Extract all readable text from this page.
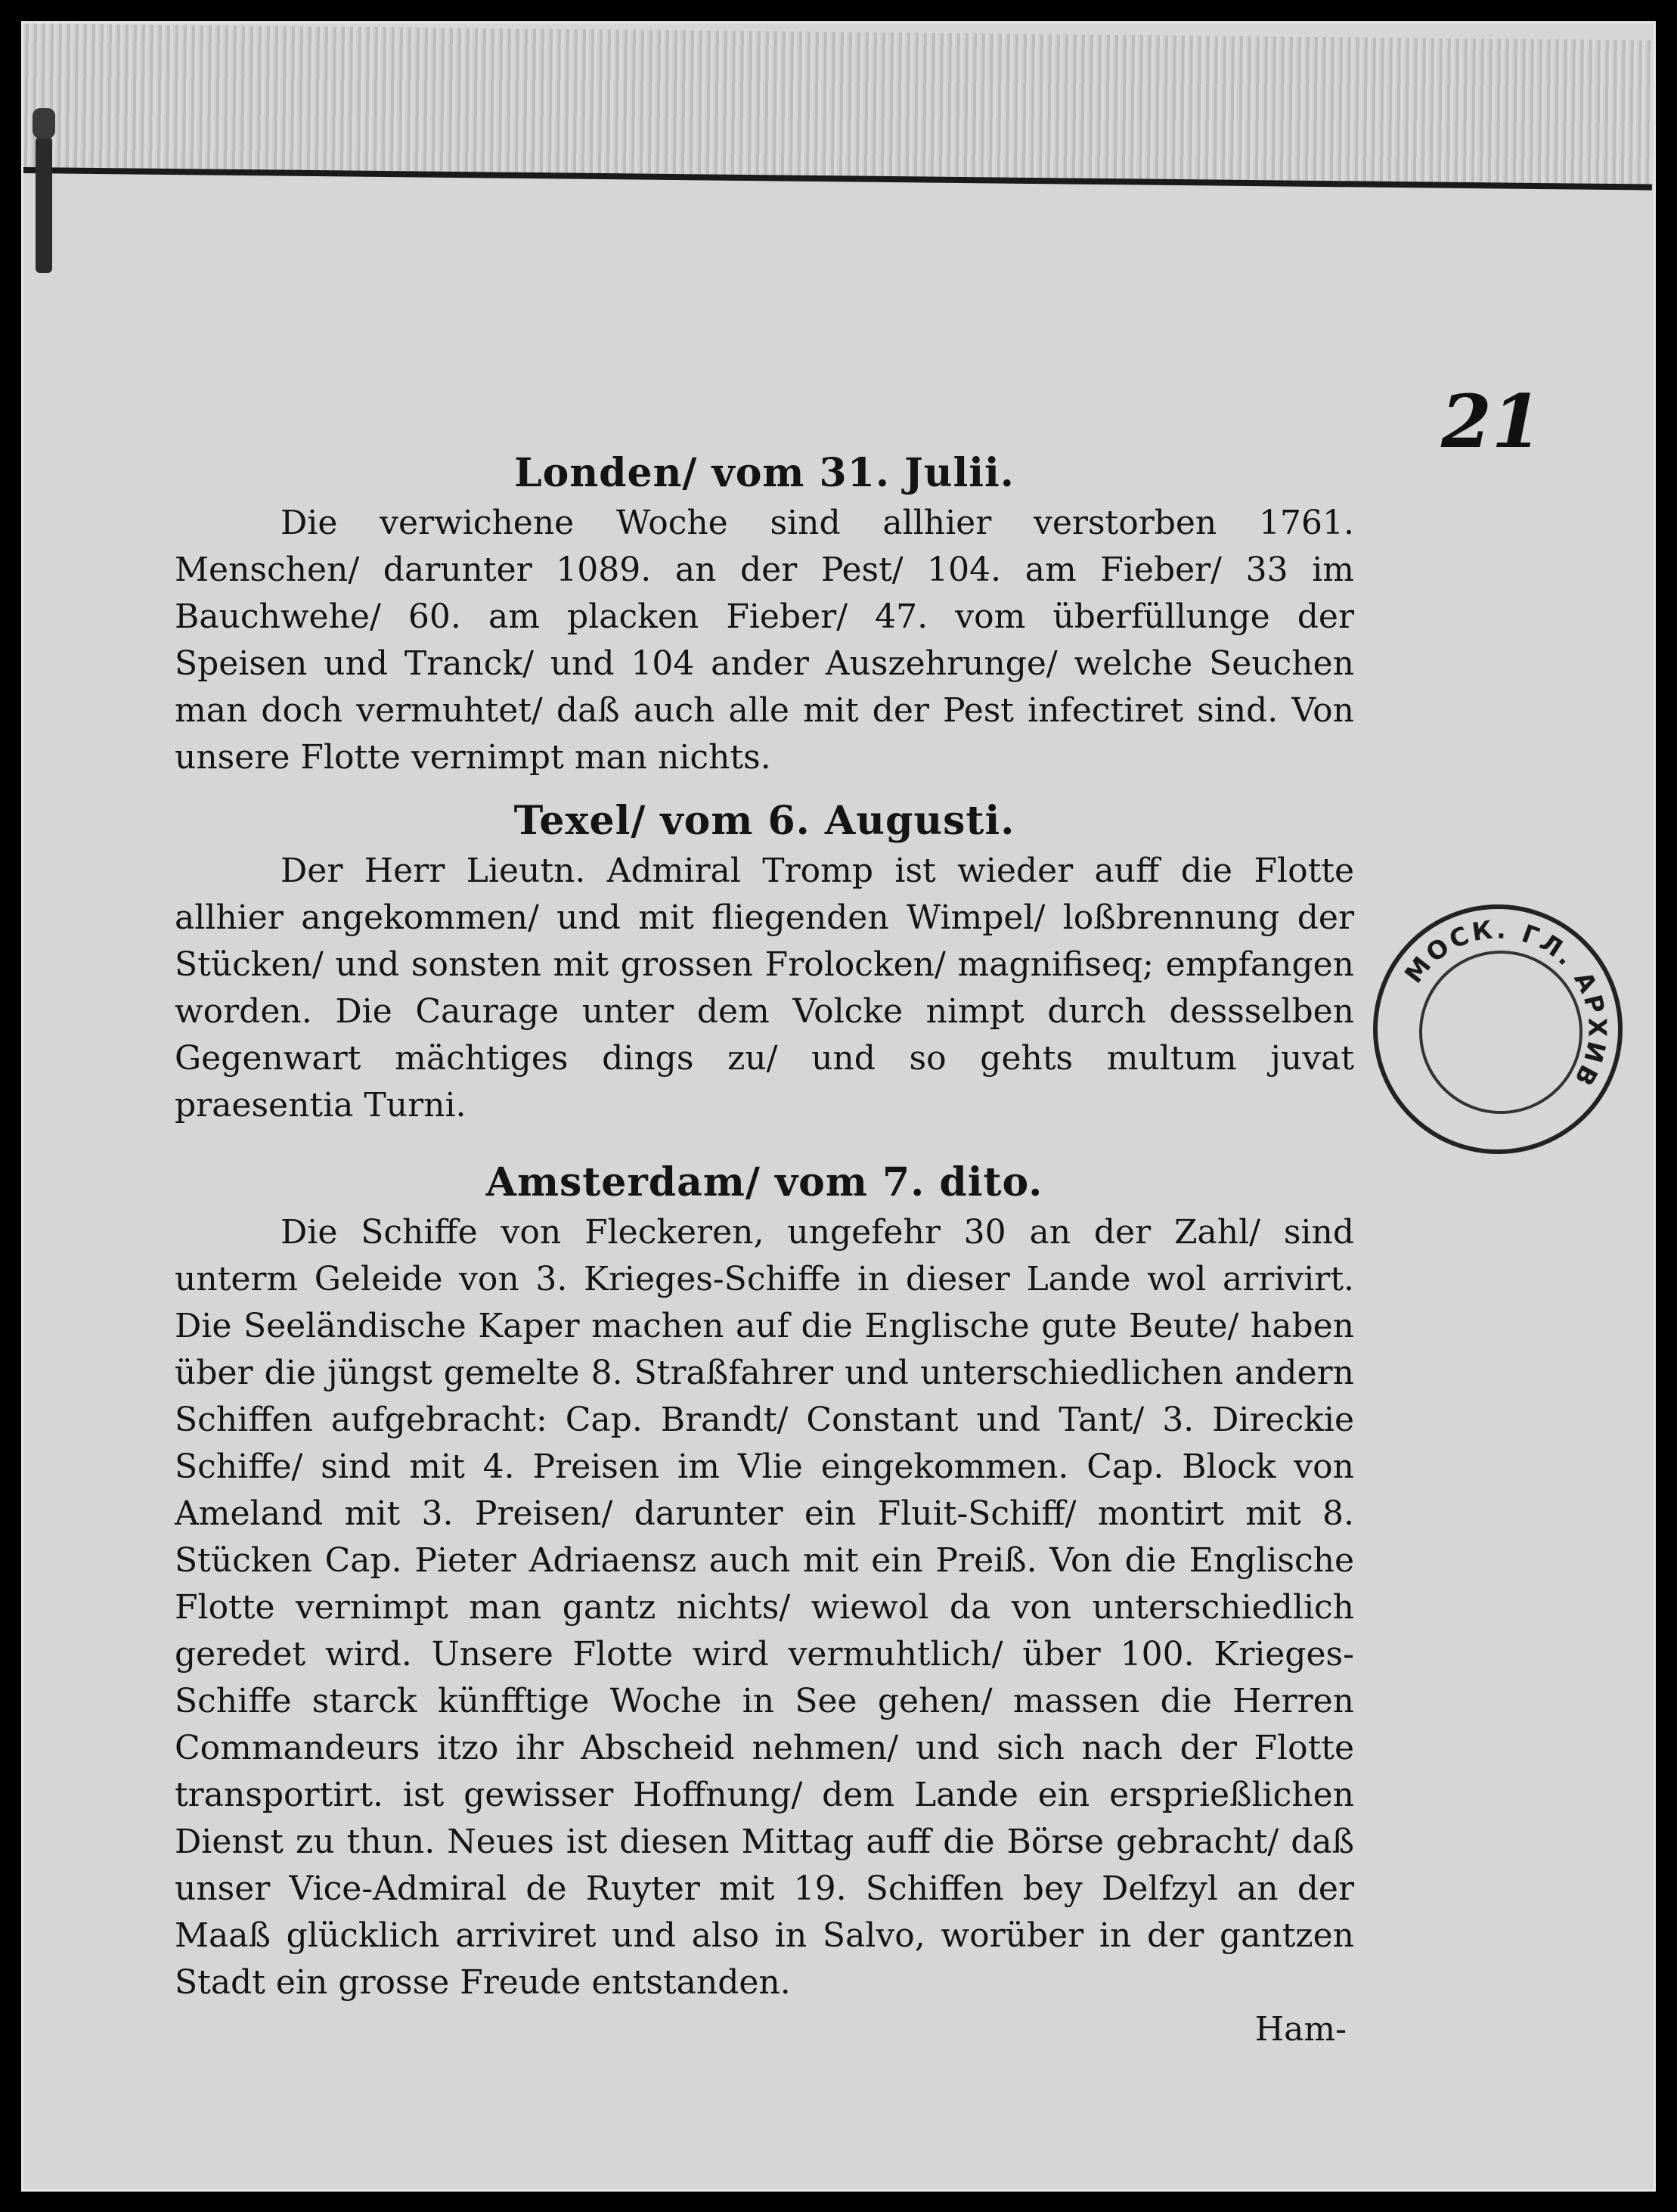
21
МОСК. ГЛ. АРХИВ
Londen/ vom 31. Julii.

Die verwichene Woche sind allhier verstorben 1761. Menschen/ darunter 1089. an der Pest/ 104. am Fieber/ 33 im Bauchwehe/ 60. am placken Fieber/ 47. vom überfüllunge der Speisen und Tranck/ und 104 ander Auszehrunge/ welche Seuchen man doch vermuhtet/ daß auch alle mit der Pest infectiret sind. Von unsere Flotte vernimpt man nichts.

Texel/ vom 6. Augusti.

Der Herr Lieutn. Admiral Tromp ist wieder auff die Flotte allhier angekommen/ und mit fliegenden Wimpel/ loßbrennung der Stücken/ und sonsten mit grossen Frolocken/ magnifiseq; empfangen worden. Die Caurage unter dem Volcke nimpt durch dessselben Gegenwart mächtiges dings zu/ und so gehts multum juvat praesentia Turni.

Amsterdam/ vom 7. dito.

Die Schiffe von Fleckeren, ungefehr 30 an der Zahl/ sind unterm Geleide von 3. Krieges-Schiffe in dieser Lande wol arrivirt. Die Seeländische Kaper machen auf die Englische gute Beute/ haben über die jüngst gemelte 8. Straßfahrer und unterschiedlichen andern Schiffen aufgebracht: Cap. Brandt/ Constant und Tant/ 3. Direckie Schiffe/ sind mit 4. Preisen im Vlie eingekommen. Cap. Block von Ameland mit 3. Preisen/ darunter ein Fluit-Schiff/ montirt mit 8. Stücken Cap. Pieter Adriaensz auch mit ein Preiß. Von die Englische Flotte vernimpt man gantz nichts/ wiewol da von unterschiedlich geredet wird. Unsere Flotte wird vermuhtlich/ über 100. Krieges-Schiffe starck künfftige Woche in See gehen/ massen die Herren Commandeurs itzo ihr Abscheid nehmen/ und sich nach der Flotte transportirt. ist gewisser Hoffnung/ dem Lande ein ersprießlichen Dienst zu thun. Neues ist diesen Mittag auff die Börse gebracht/ daß unser Vice-Admiral de Ruyter mit 19. Schiffen bey Delfzyl an der Maaß glücklich arriviret und also in Salvo, worüber in der gantzen Stadt ein grosse Freude entstanden.

Ham-
